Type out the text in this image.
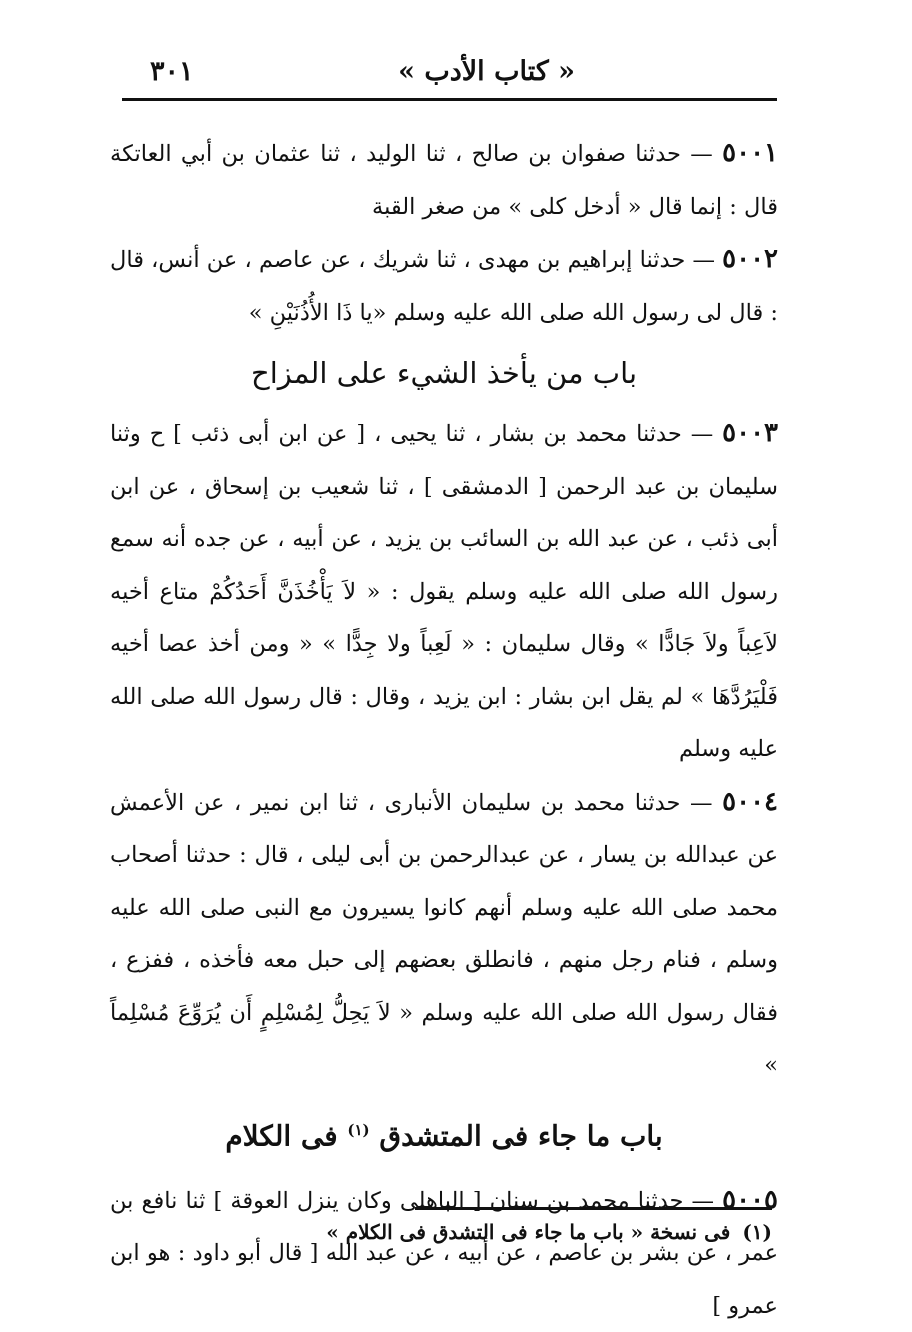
« كتاب الأدب »
٣٠١

٥٠٠١ — حدثنا صفوان بن صالح ، ثنا الوليد ، ثنا عثمان بن أبي العاتكة قال : إنما قال « أدخل كلى » من صغر القبة

٥٠٠٢ — حدثنا إبراهيم بن مهدى ، ثنا شريك ، عن عاصم ، عن أنس، قال : قال لى رسول الله صلى الله عليه وسلم «يا ذَا الأُذُنَيْنِ »

باب من يأخذ الشيء على المزاح

٥٠٠٣ — حدثنا محمد بن بشار ، ثنا يحيى ، [ عن ابن أبى ذئب ] ح وثنا سليمان بن عبد الرحمن [ الدمشقى ] ، ثنا شعيب بن إسحاق ، عن ابن أبى ذئب ، عن عبد الله بن السائب بن يزيد ، عن أبيه ، عن جده أنه سمع رسول الله صلى الله عليه وسلم يقول : « لاَ يَأْخُذَنَّ أَحَدُكُمْ متاع أخيه لاَعِباً ولاَ جَادًّا » وقال سليمان : « لَعِباً ولا جِدًّا » « ومن أخذ عصا أخيه فَلْيَرُدَّهَا » لم يقل ابن بشار : ابن يزيد ، وقال : قال رسول الله صلى الله عليه وسلم

٥٠٠٤ — حدثنا محمد بن سليمان الأنبارى ، ثنا ابن نمير ، عن الأعمش عن عبدالله بن يسار ، عن عبدالرحمن بن أبى ليلى ، قال : حدثنا أصحاب محمد صلى الله عليه وسلم أنهم كانوا يسيرون مع النبى صلى الله عليه وسلم ، فنام رجل منهم ، فانطلق بعضهم إلى حبل معه فأخذه ، ففزع ، فقال رسول الله صلى الله عليه وسلم « لاَ يَحِلُّ لِمُسْلِمٍ أَن يُرَوِّعَ مُسْلِماً »

باب ما جاء فى المتشدق $^{(١)}$ فى الكلام

٥٠٠٥ — حدثنا محمد بن سنان [ الباهلى وكان ينزل العوقة ] ثنا نافع بن عمر ، عن بشر بن عاصم ، عن أبيه ، عن عبد الله [ قال أبو داود : هو ابن عمرو ]

(١)فى نسخة « باب ما جاء فى التشدق فى الكلام »
